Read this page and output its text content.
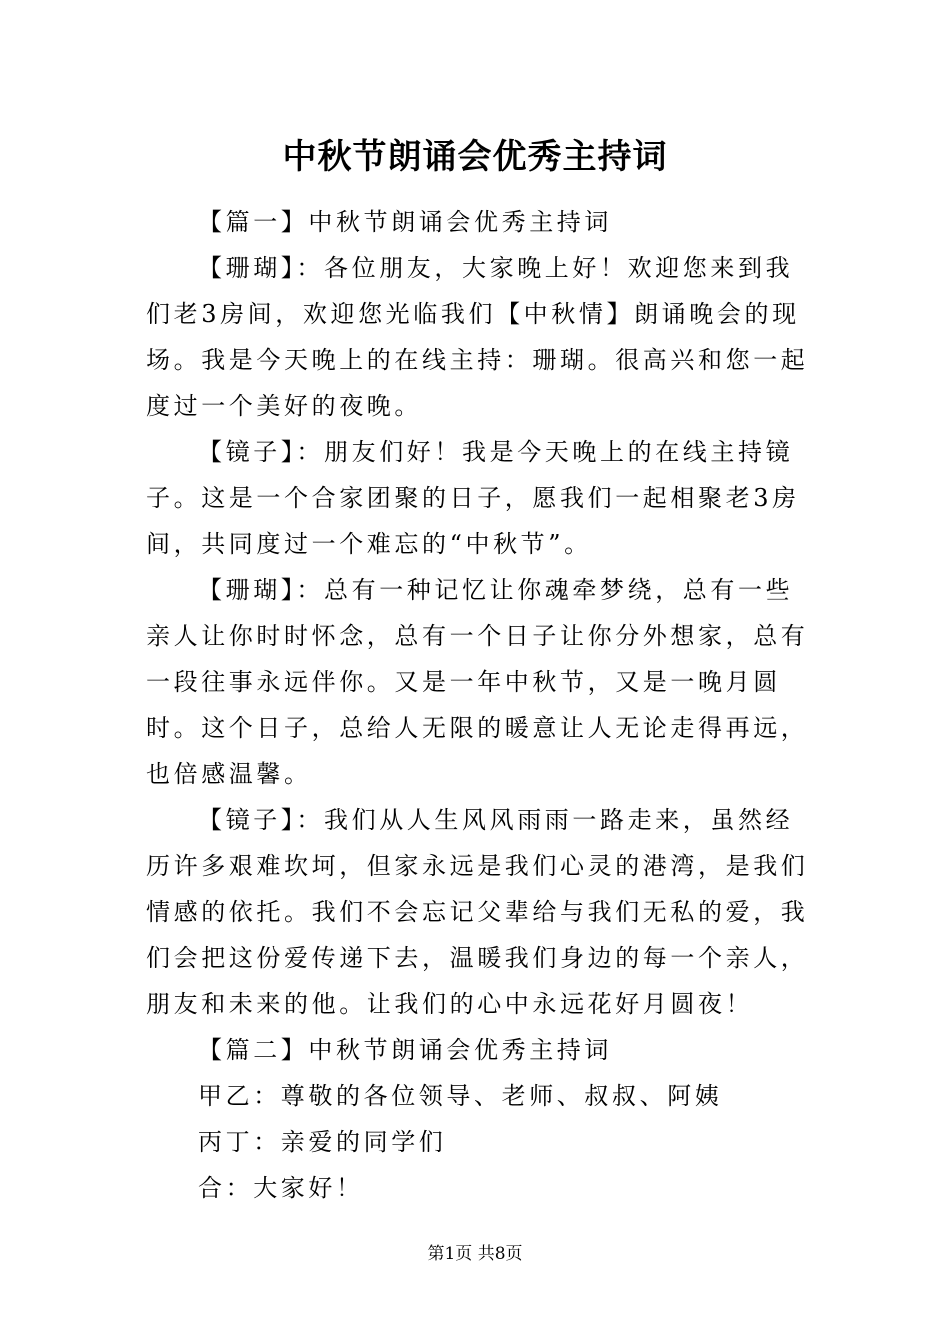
中秋节朗诵会优秀主持词

【篇一】中秋节朗诵会优秀主持词

【珊瑚】：各位朋友，大家晚上好！欢迎您来到我们老3房间，欢迎您光临我们【中秋情】朗诵晚会的现场。我是今天晚上的在线主持：珊瑚。很高兴和您一起度过一个美好的夜晚。

【镜子】：朋友们好！我是今天晚上的在线主持镜子。这是一个合家团聚的日子，愿我们一起相聚老3房间，共同度过一个难忘的“中秋节”。

【珊瑚】：总有一种记忆让你魂牵梦绕，总有一些亲人让你时时怀念，总有一个日子让你分外想家，总有一段往事永远伴你。又是一年中秋节，又是一晚月圆时。这个日子，总给人无限的暖意让人无论走得再远，也倍感温馨。

【镜子】：我们从人生风风雨雨一路走来，虽然经历许多艰难坎坷，但家永远是我们心灵的港湾，是我们情感的依托。我们不会忘记父辈给与我们无私的爱，我们会把这份爱传递下去，温暖我们身边的每一个亲人，朋友和未来的他。让我们的心中永远花好月圆夜！

【篇二】中秋节朗诵会优秀主持词

甲乙：尊敬的各位领导、老师、叔叔、阿姨

丙丁：亲爱的同学们

合：大家好！

第1页 共8页
